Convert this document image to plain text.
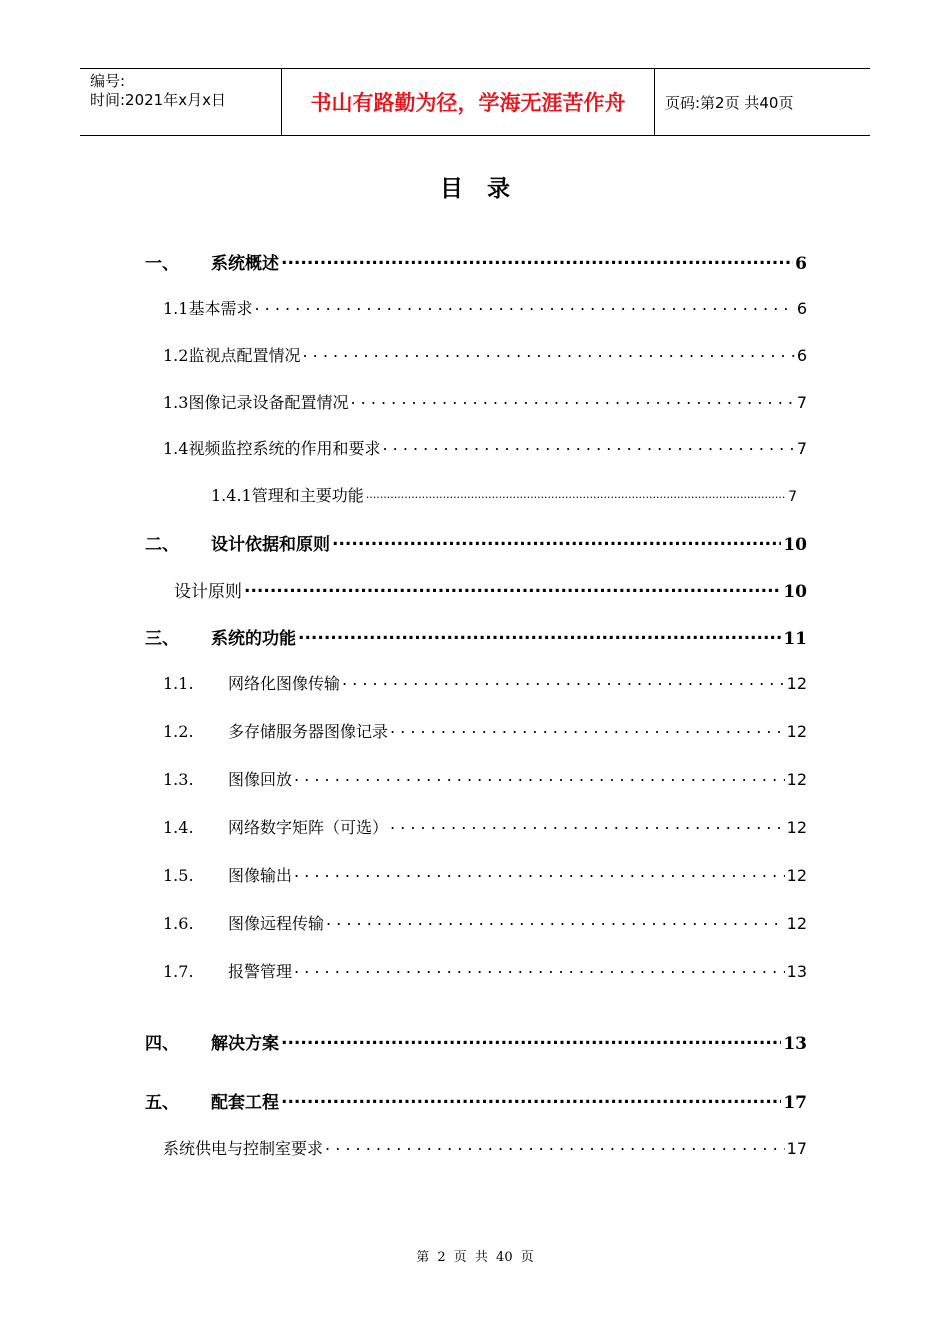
编号:
时间:2021年x月x日	书山有路勤为径，学海无涯苦作舟	页码:第2页 共40页
目录
一、	系统概述 .....	6
1.1 基本需求 . . .	6
1.2 监视点配置情况 . . .	6
1.3 图像记录设备配置情况 . . .	7
1.4 视频监控系统的作用和要求 . . .	7
1.4.1 管理和主要功能 .....	7
二、	设计依据和原则 .....	10
设计原则 .....	10
三、	系统的功能 .....	11
1.1.	网络化图像传输 . . .	12
1.2.	多存储服务器图像记录 . . .	12
1.3.	图像回放 . . .	12
1.4.	网络数字矩阵（可选） . . .	12
1.5.	图像输出 . . .	12
1.6.	图像远程传输 . . .	12
1.7.	报警管理 . . .	13
四、	解决方案 .....	13
五、	配套工程 .....	17
系统供电与控制室要求 . . .	17
第 2 页 共 40 页
